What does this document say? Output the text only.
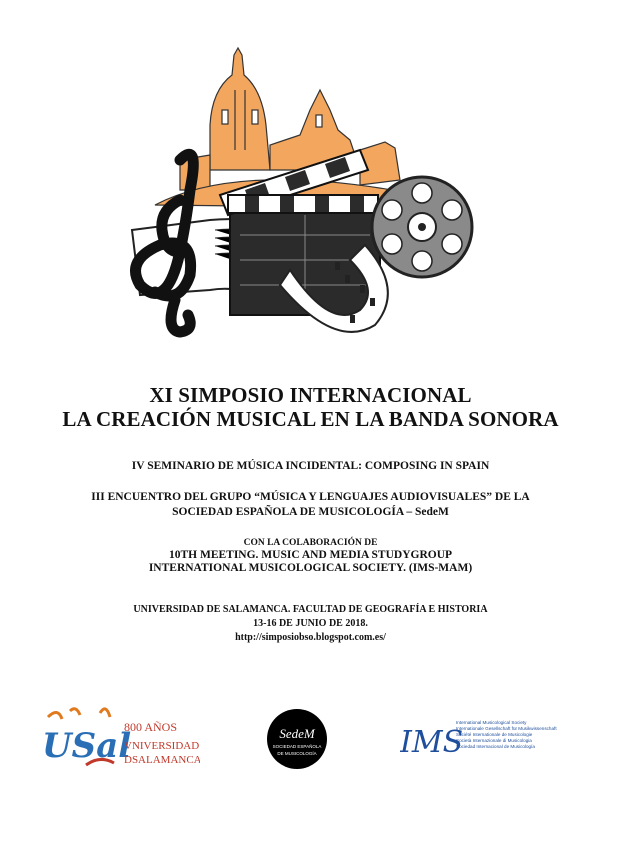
XI SIMPOSIO INTERNACIONAL
LA CREACIÓN MUSICAL EN LA BANDA SONORA
IV SEMINARIO DE MÚSICA INCIDENTAL: COMPOSING IN SPAIN
III ENCUENTRO DEL GRUPO “MÚSICA Y LENGUAJES AUDIOVISUALES” DE LA
SOCIEDAD ESPAÑOLA DE MUSICOLOGÍA – SedeM
CON LA COLABORACIÓN DE
10TH MEETING. MUSIC AND MEDIA STUDYGROUP
INTERNATIONAL MUSICOLOGICAL SOCIETY. (IMS-MAM)
UNIVERSIDAD DE SALAMANCA. FACULTAD DE GEOGRAFÍA E HISTORIA
13-16 DE JUNIO DE 2018.
http://simposiobso.blogspot.com.es/
USal
800 AÑOS
VNIVERSIDAD
DSALAMANCA
SedeM
SOCIEDAD ESPAÑOLA
DE MUSICOLOGÍA	IMS
International Musicological Society
Internationale Gesellschaft für Musikwissenschaft
Société Internationale de Musicologie
Società Internazionale di Musicologia
Sociedad Internacional de Musicología
